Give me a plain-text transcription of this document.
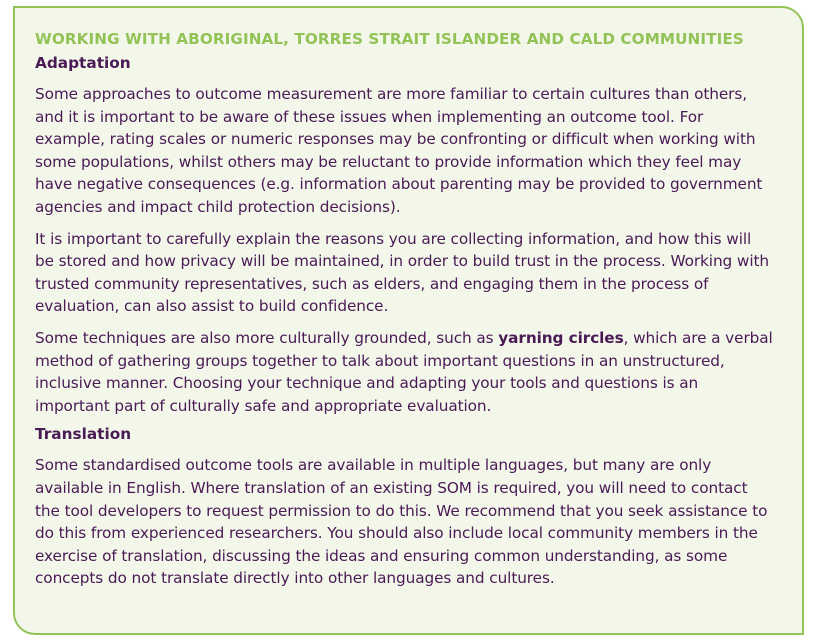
WORKING WITH ABORIGINAL, TORRES STRAIT ISLANDER AND CALD COMMUNITIES
Adaptation

Some approaches to outcome measurement are more familiar to certain cultures than others, and it is important to be aware of these issues when implementing an outcome tool. For example, rating scales or numeric responses may be confronting or difficult when working with some populations, whilst others may be reluctant to provide information which they feel may have negative consequences (e.g. information about parenting may be provided to government agencies and impact child protection decisions).

It is important to carefully explain the reasons you are collecting information, and how this will be stored and how privacy will be maintained, in order to build trust in the process. Working with trusted community representatives, such as elders, and engaging them in the process of evaluation, can also assist to build confidence.

Some techniques are also more culturally grounded, such as yarning circles, which are a verbal method of gathering groups together to talk about important questions in an unstructured, inclusive manner. Choosing your technique and adapting your tools and questions is an important part of culturally safe and appropriate evaluation.

Translation

Some standardised outcome tools are available in multiple languages, but many are only available in English. Where translation of an existing SOM is required, you will need to contact the tool developers to request permission to do this. We recommend that you seek assistance to do this from experienced researchers. You should also include local community members in the exercise of translation, discussing the ideas and ensuring common understanding, as some concepts do not translate directly into other languages and cultures.
